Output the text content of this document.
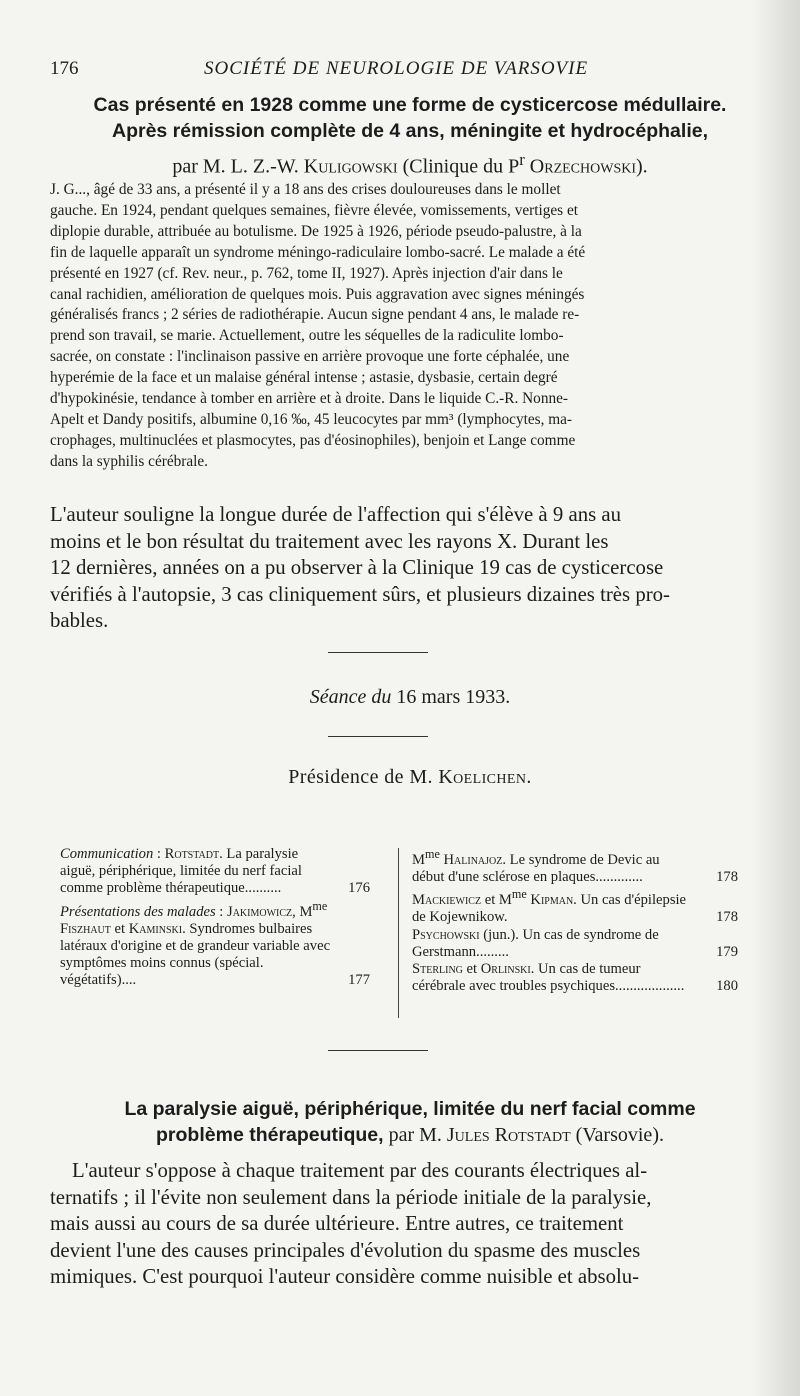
176	SOCIÉTÉ DE NEUROLOGIE DE VARSOVIE
Cas présenté en 1928 comme une forme de cysticercose médullaire.
Après rémission complète de 4 ans, méningite et hydrocéphalie,
par M. L. Z.-W. Kuligowski (Clinique du $P^r$ Orzechowski).
J. G..., âgé de 33 ans, a présenté il y a 18 ans des crises douloureuses dans le mollet
gauche. En 1924, pendant quelques semaines, fièvre élevée, vomissements, vertiges et
diplopie durable, attribuée au botulisme. De 1925 à 1926, période pseudo-palustre, à la
fin de laquelle apparaît un syndrome méningo-radiculaire lombo-sacré. Le malade a été
présenté en 1927 (cf. Rev. neur., p. 762, tome II, 1927). Après injection d'air dans le
canal rachidien, amélioration de quelques mois. Puis aggravation avec signes méningés
généralisés francs ; 2 séries de radiothérapie. Aucun signe pendant 4 ans, le malade re-
prend son travail, se marie. Actuellement, outre les séquelles de la radiculite lombo-
sacrée, on constate : l'inclinaison passive en arrière provoque une forte céphalée, une
hyperémie de la face et un malaise général intense ; astasie, dysbasie, certain degré
d'hypokinésie, tendance à tomber en arrière et à droite. Dans le liquide C.-R. Nonne-
Apelt et Dandy positifs, albumine 0,16 ‰, 45 leucocytes par mm³ (lymphocytes, ma-
crophages, multinuclées et plasmocytes, pas d'éosinophiles), benjoin et Lange comme
dans la syphilis cérébrale.
L'auteur souligne la longue durée de l'affection qui s'élève à 9 ans au
moins et le bon résultat du traitement avec les rayons X. Durant les
12 dernières, années on a pu observer à la Clinique 19 cas de cysticercose
vérifiés à l'autopsie, 3 cas cliniquement sûrs, et plusieurs dizaines très pro-
bables.
Séance du 16 mars 1933.
Présidence de M. Koelichen.
Communication : Rotstadt. La paralysie aiguë, périphérique, limitée du nerf facial comme problème thérapeutique..........	176
Présentations des malades : Jakimowicz, $M^{me}$ Fiszhaut et Kaminski. Syndromes bulbaires latéraux d'origine et de grandeur variable avec symptômes moins connus (spécial. végétatifs)....	177
$M^{me}$ Halinajoz. Le syndrome de Devic au début d'une sclérose en plaques.............	178
Mackiewicz et $M^{me}$ Kipman. Un cas d'épilepsie de Kojewnikow.	178
Psychowski (jun.). Un cas de syndrome de Gerstmann.........	179
Sterling et Orlinski. Un cas de tumeur cérébrale avec troubles psychiques...................	180
La paralysie aiguë, périphérique, limitée du nerf facial comme
problème thérapeutique, par M. Jules Rotstadt (Varsovie).
L'auteur s'oppose à chaque traitement par des courants électriques al-
ternatifs ; il l'évite non seulement dans la période initiale de la paralysie,
mais aussi au cours de sa durée ultérieure. Entre autres, ce traitement
devient l'une des causes principales d'évolution du spasme des muscles
mimiques. C'est pourquoi l'auteur considère comme nuisible et absolu-
